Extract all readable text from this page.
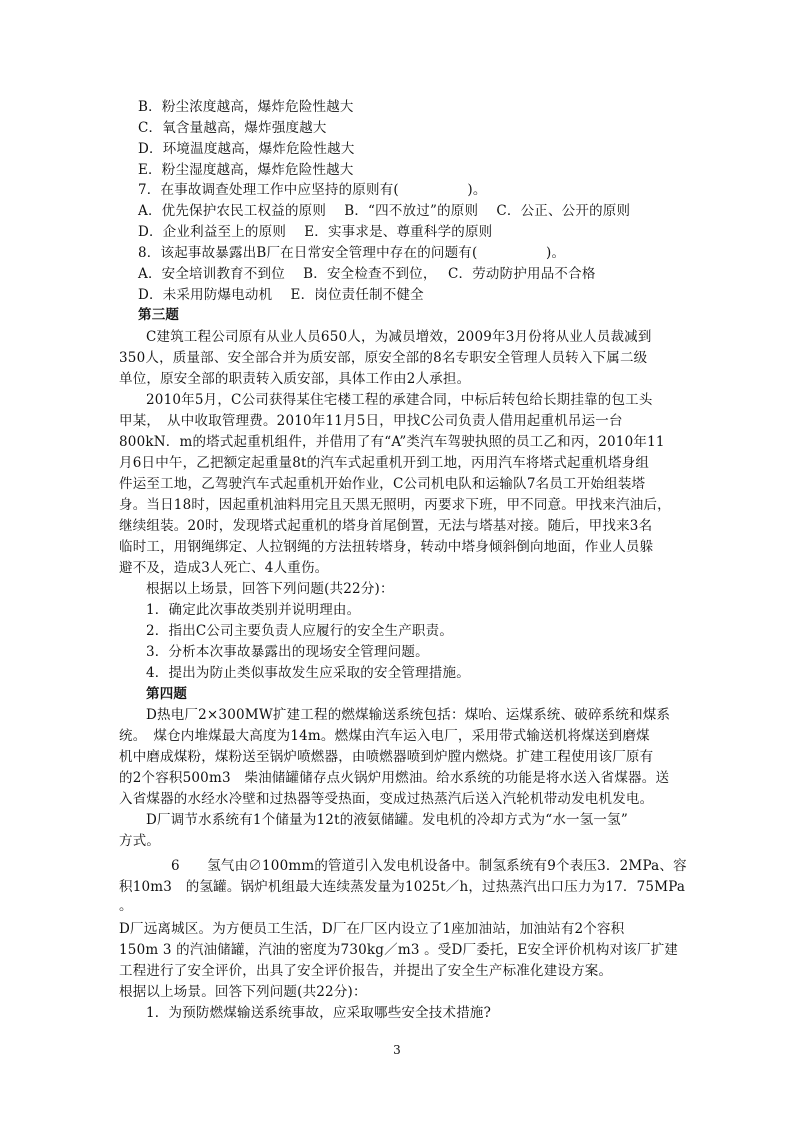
B．粉尘浓度越高，爆炸危险性越大
C．氧含量越高，爆炸强度越大
D．环境温度越高，爆炸危险性越大
E．粉尘湿度越高，爆炸危险性越大
7．在事故调查处理工作中应坚持的原则有(　　　　　)。
A．优先保护农民工权益的原则　 B．“四不放过”的原则　 C．公正、公开的原则
D．企业利益至上的原则　 E．实事求是、尊重科学的原则
8．该起事故暴露出B厂在日常安全管理中存在的问题有(　　　　　)。
A．安全培训教育不到位　 B．安全检查不到位，　 C．劳动防护用品不合格
D．未采用防爆电动机　 E．岗位责任制不健全
第三题
C建筑工程公司原有从业人员650人，为减员增效，2009年3月份将从业人员裁减到
350人，质量部、安全部合并为质安部，原安全部的8名专职安全管理人员转入下属二级
单位，原安全部的职责转入质安部，具体工作由2人承担。
2010年5月，C公司获得某住宅楼工程的承建合同，中标后转包给长期挂靠的包工头
甲某，　从中收取管理费。2010年11月5日，甲找C公司负责人借用起重机吊运一台
800kN．m的塔式起重机组件，并借用了有“A”类汽车驾驶执照的员工乙和丙，2010年11
月6日中午，乙把额定起重量8t的汽车式起重机开到工地，丙用汽车将塔式起重机塔身组
件运至工地，乙驾驶汽车式起重机开始作业，C公司机电队和运输队7名员工开始组装塔
身。当日18时，因起重机油料用完且天黑无照明，丙要求下班，甲不同意。甲找来汽油后，
继续组装。20时，发现塔式起重机的塔身首尾倒置，无法与塔基对接。随后，甲找来3名
临时工，用钢绳绑定、人拉钢绳的方法扭转塔身，转动中塔身倾斜倒向地面，作业人员躲
避不及，造成3人死亡、4人重伤。
根据以上场景，回答下列问题(共22分)：
1．确定此次事故类别并说明理由。
2．指出C公司主要负责人应履行的安全生产职责。
3．分析本次事故暴露出的现场安全管理问题。
4．提出为防止类似事故发生应采取的安全管理措施。
第四题
D热电厂2×300MW扩建工程的燃煤输送系统包括：煤咍、运煤系统、破碎系统和煤系
统。　煤仓内堆煤最大高度为14m。燃煤由汽车运入电厂，采用带式输送机将煤送到磨煤
机中磨成煤粉，煤粉送至锅炉喷燃器，由喷燃器喷到炉膛内燃烧。扩建工程使用该厂原有
的2个容积500m3　柴油储罐储存点火锅炉用燃油。给水系统的功能是将水送入省煤器。送
入省煤器的水经水冷壁和过热器等受热面，变成过热蒸汽后送入汽轮机带动发电机发电。
D厂调节水系统有1个储量为12t的液氨储罐。发电机的冷却方式为“水一氢一氢”
方式。
6　　氢气由∅100mm的管道引入发电机设备中。制氢系统有9个表压3．2MPa、容
积10m3　的氢罐。锅炉机组最大连续蒸发量为1025t／h，过热蒸汽出口压力为17．75MPa
。
D厂远离城区。为方便员工生活，D厂在厂区内设立了1座加油站，加油站有2个容积
150m 3 的汽油储罐，汽油的密度为730kg／m3 。受D厂委托，E安全评价机构对该厂扩建
工程进行了安全评价，出具了安全评价报告，并提出了安全生产标准化建设方案。
根据以上场景。回答下列问题(共22分)：
1．为预防燃煤输送系统事故，应采取哪些安全技术措施?
3
